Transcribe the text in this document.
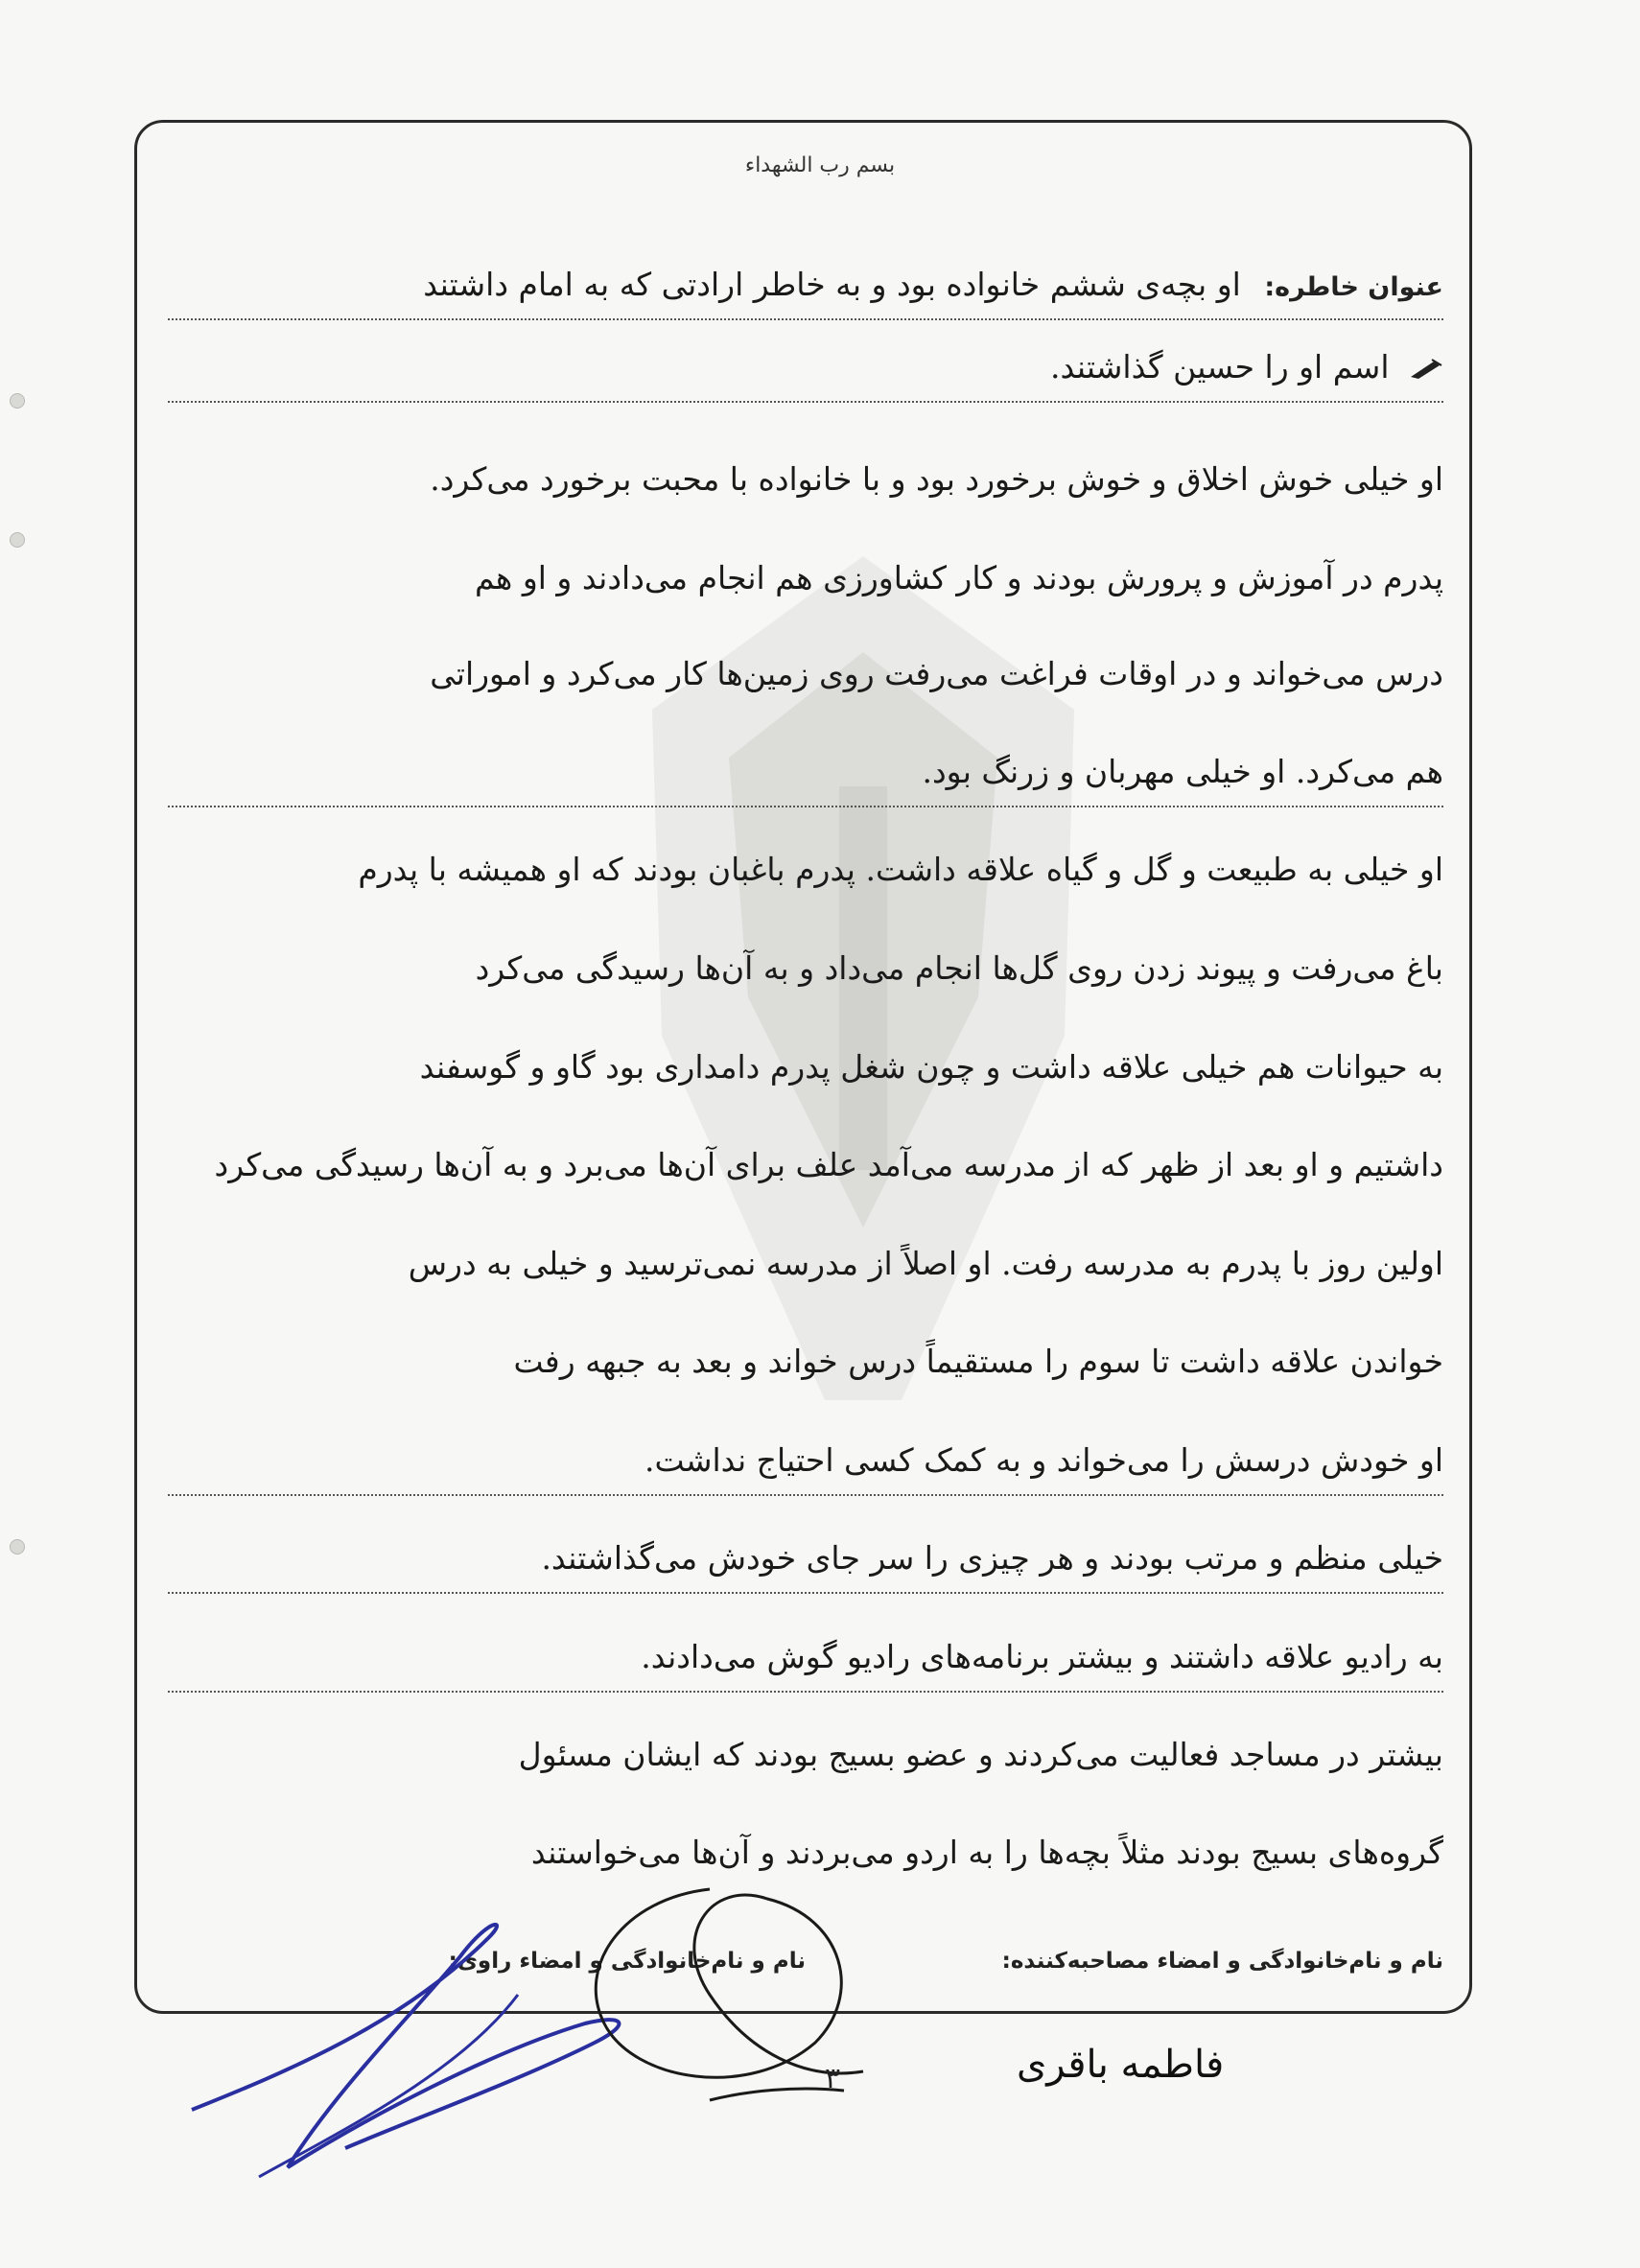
بسم رب الشهداء
عنوان خاطره: او بچه‌ی ششم خانواده بود و به خاطر ارادتی که به امام داشتند
اسم او را حسین گذاشتند.
او خیلی خوش اخلاق و خوش برخورد بود و با خانواده با محبت برخورد می‌کرد.
پدرم در آموزش و پرورش بودند و کار کشاورزی هم انجام می‌دادند و او هم
درس می‌خواند و در اوقات فراغت می‌رفت روی زمین‌ها کار می‌کرد و اموراتی
هم می‌کرد. او خیلی مهربان و زرنگ بود.
او خیلی به طبیعت و گل و گیاه علاقه داشت. پدرم باغبان بودند که او همیشه با پدرم
باغ می‌رفت و پیوند زدن روی گل‌ها انجام می‌داد و به آن‌ها رسیدگی می‌کرد
به حیوانات هم خیلی علاقه داشت و چون شغل پدرم دامداری بود گاو و گوسفند
داشتیم و او بعد از ظهر که از مدرسه می‌آمد علف برای آن‌ها می‌برد و به آن‌ها رسیدگی می‌کرد
اولین روز با پدرم به مدرسه رفت. او اصلاً از مدرسه نمی‌ترسید و خیلی به درس
خواندن علاقه داشت تا سوم را مستقیماً درس خواند و بعد به جبهه رفت
او خودش درسش را می‌خواند و به کمک کسی احتیاج نداشت.
خیلی منظم و مرتب بودند و هر چیزی را سر جای خودش می‌گذاشتند.
به رادیو علاقه داشتند و بیشتر برنامه‌های رادیو گوش می‌دادند.
بیشتر در مساجد فعالیت می‌کردند و عضو بسیج بودند که ایشان مسئول
گروه‌های بسیج بودند مثلاً بچه‌ها را به اردو می‌بردند و آن‌ها می‌خواستند
نام و نام‌خانوادگی و امضاء مصاحبه‌کننده:
نام و نام‌خانوادگی و امضاء راوی:
۳	فاطمه باقری
